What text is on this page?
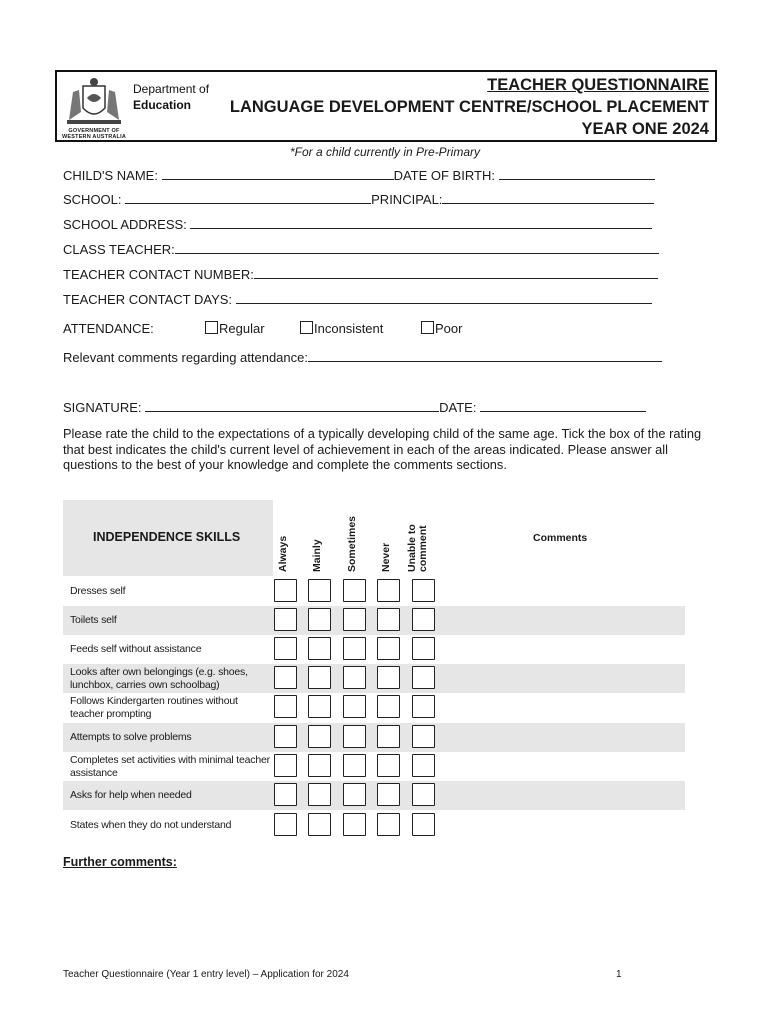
Department of
Education
GOVERNMENT OF
WESTERN AUSTRALIA
TEACHER QUESTIONNAIRE
LANGUAGE DEVELOPMENT CENTRE/SCHOOL PLACEMENT
YEAR ONE 2024
*For a child currently in Pre-Primary
CHILD'S NAME:	DATE OF BIRTH:
SCHOOL:	PRINCIPAL:
SCHOOL ADDRESS:
CLASS TEACHER:
TEACHER CONTACT NUMBER:
TEACHER CONTACT DAYS:
ATTENDANCE:	Regular	Inconsistent	Poor
Relevant comments regarding attendance:
SIGNATURE:	DATE:
Please rate the child to the expectations of a typically developing child of the same age. Tick the box of the rating that best indicates the child's current level of achievement in each of the areas indicated. Please answer all questions to the best of your knowledge and complete the comments sections.
INDEPENDENCE SKILLS	Always Mainly Sometimes Never Unable to comment	Comments
Dresses self
Toilets self
Feeds self without assistance
Looks after own belongings (e.g. shoes, lunchbox, carries own schoolbag)
Follows Kindergarten routines without teacher prompting
Attempts to solve problems
Completes set activities with minimal teacher assistance
Asks for help when needed
States when they do not understand
Further comments:
Teacher Questionnaire (Year 1 entry level) – Application for 2024	1
